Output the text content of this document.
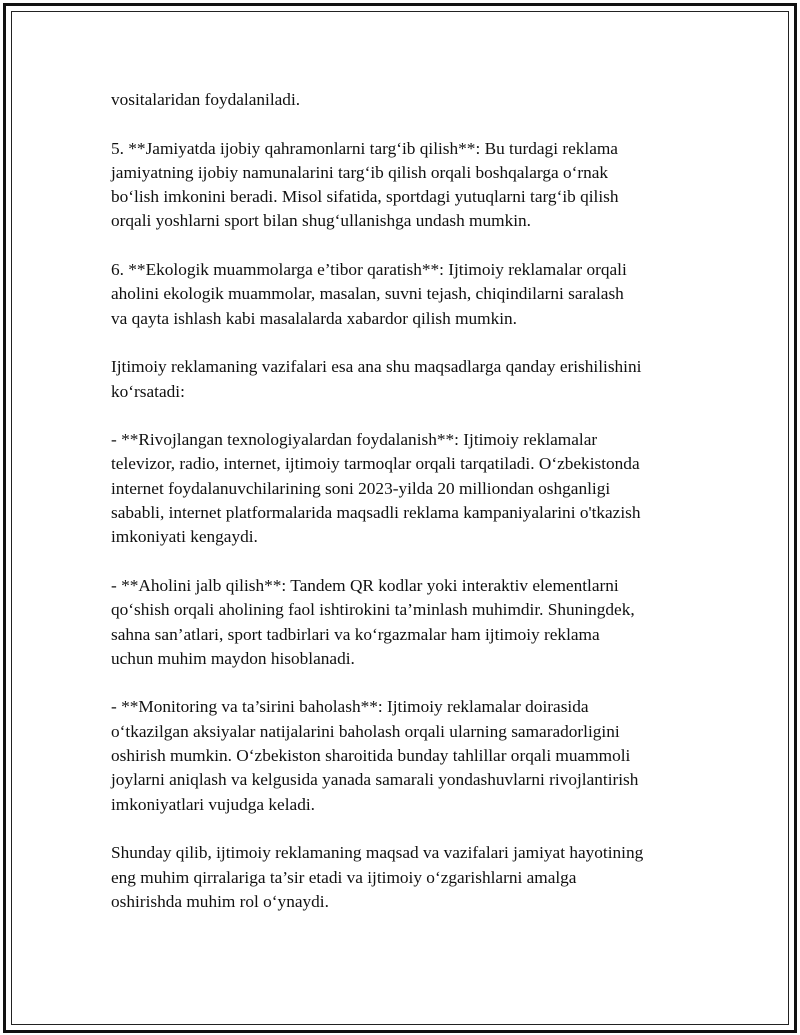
vositalaridan foydalaniladi.

5. **Jamiyatda ijobiy qahramonlarni targ‘ib qilish**: Bu turdagi reklama
jamiyatning ijobiy namunalarini targ‘ib qilish orqali boshqalarga o‘rnak
bo‘lish imkonini beradi. Misol sifatida, sportdagi yutuqlarni targ‘ib qilish
orqali yoshlarni sport bilan shug‘ullanishga undash mumkin.

6. **Ekologik muammolarga e’tibor qaratish**: Ijtimoiy reklamalar orqali
aholini ekologik muammolar, masalan, suvni tejash, chiqindilarni saralash
va qayta ishlash kabi masalalarda xabardor qilish mumkin.

Ijtimoiy reklamaning vazifalari esa ana shu maqsadlarga qanday erishilishini
ko‘rsatadi:

- **Rivojlangan texnologiyalardan foydalanish**: Ijtimoiy reklamalar
televizor, radio, internet, ijtimoiy tarmoqlar orqali tarqatiladi. O‘zbekistonda
internet foydalanuvchilarining soni 2023-yilda 20 milliondan oshganligi
sababli, internet platformalarida maqsadli reklama kampaniyalarini o'tkazish
imkoniyati kengaydi.

- **Aholini jalb qilish**: Tandem QR kodlar yoki interaktiv elementlarni
qo‘shish orqali aholining faol ishtirokini ta’minlash muhimdir. Shuningdek,
sahna san’atlari, sport tadbirlari va ko‘rgazmalar ham ijtimoiy reklama
uchun muhim maydon hisoblanadi.

- **Monitoring va ta’sirini baholash**: Ijtimoiy reklamalar doirasida
o‘tkazilgan aksiyalar natijalarini baholash orqali ularning samaradorligini
oshirish mumkin. O‘zbekiston sharoitida bunday tahlillar orqali muammoli
joylarni aniqlash va kelgusida yanada samarali yondashuvlarni rivojlantirish
imkoniyatlari vujudga keladi.

Shunday qilib, ijtimoiy reklamaning maqsad va vazifalari jamiyat hayotining
eng muhim qirralariga ta’sir etadi va ijtimoiy o‘zgarishlarni amalga
oshirishda muhim rol o‘ynaydi.
